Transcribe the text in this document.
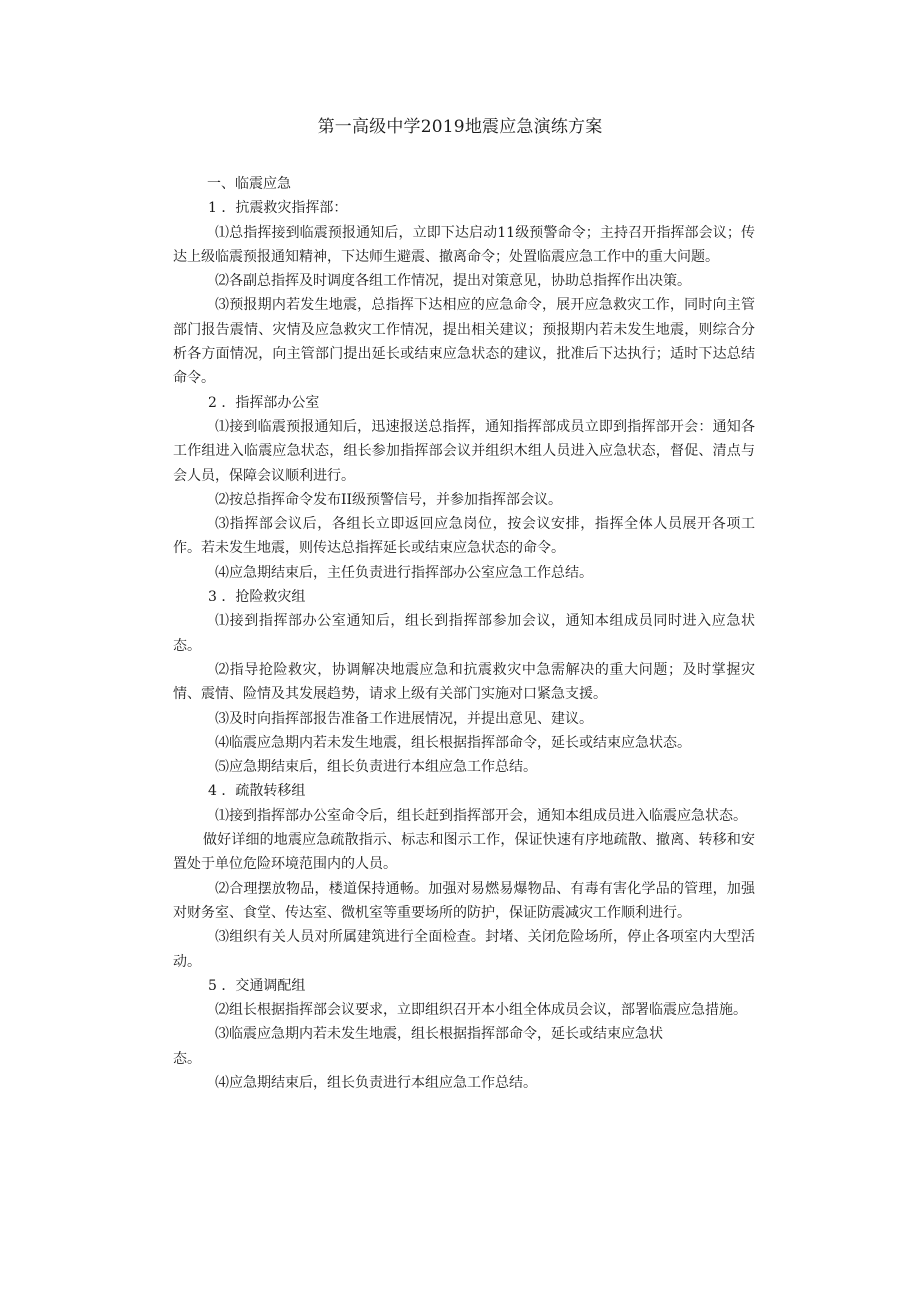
第一高级中学2019地震应急演练方案

一、临震应急

1 ．抗震救灾指挥部：

⑴总指挥接到临震预报通知后，立即下达启动11级预警命令；主持召开指挥部会议；传达上级临震预报通知精神，下达师生避震、撤离命令；处置临震应急工作中的重大问题。

⑵各副总指挥及时调度各组工作情况，提出对策意见，协助总指挥作出决策。

⑶预报期内若发生地震，总指挥下达相应的应急命令，展开应急救灾工作，同时向主管部门报告震情、灾情及应急救灾工作情况，提出相关建议；预报期内若未发生地震，则综合分析各方面情况，向主管部门提出延长或结束应急状态的建议，批准后下达执行；适时下达总结命令。

2 ．指挥部办公室

⑴接到临震预报通知后，迅速报送总指挥，通知指挥部成员立即到指挥部开会：通知各工作组进入临震应急状态，组长参加指挥部会议并组织木组人员进入应急状态，督促、清点与会人员，保障会议顺利进行。

⑵按总指挥命令发布II级预警信号，并参加指挥部会议。

⑶指挥部会议后，各组长立即返回应急岗位，按会议安排，指挥全体人员展开各项工作。若未发生地震，则传达总指挥延长或结束应急状态的命令。

⑷应急期结束后，主任负责进行指挥部办公室应急工作总结。

3 ．抢险救灾组

⑴接到指挥部办公室通知后，组长到指挥部参加会议，通知本组成员同时进入应急状态。

⑵指导抢险救灾，协调解决地震应急和抗震救灾中急需解决的重大问题；及时掌握灾情、震情、险情及其发展趋势，请求上级有关部门实施对口紧急支援。

⑶及时向指挥部报告准备工作进展情况，并提出意见、建议。

⑷临震应急期内若未发生地震，组长根据指挥部命令，延长或结束应急状态。

⑸应急期结束后，组长负责进行本组应急工作总结。

4 ．疏散转移组

⑴接到指挥部办公室命令后，组长赶到指挥部开会，通知本组成员进入临震应急状态。

做好详细的地震应急疏散指示、标志和图示工作，保证快速有序地疏散、撤离、转移和安置处于单位危险环境范围内的人员。

⑵合理摆放物品，楼道保持通畅。加强对易燃易爆物品、有毒有害化学品的管理，加强对财务室、食堂、传达室、微机室等重要场所的防护，保证防震减灾工作顺利进行。

⑶组织有关人员对所属建筑进行全面检查。封堵、关闭危险场所，停止各项室内大型活动。

5 ．交通调配组

⑵组长根据指挥部会议要求，立即组织召开本小组全体成员会议，部署临震应急措施。

⑶临震应急期内若未发生地震，组长根据指挥部命令，延长或结束应急状

态。

⑷应急期结束后，组长负责进行本组应急工作总结。
